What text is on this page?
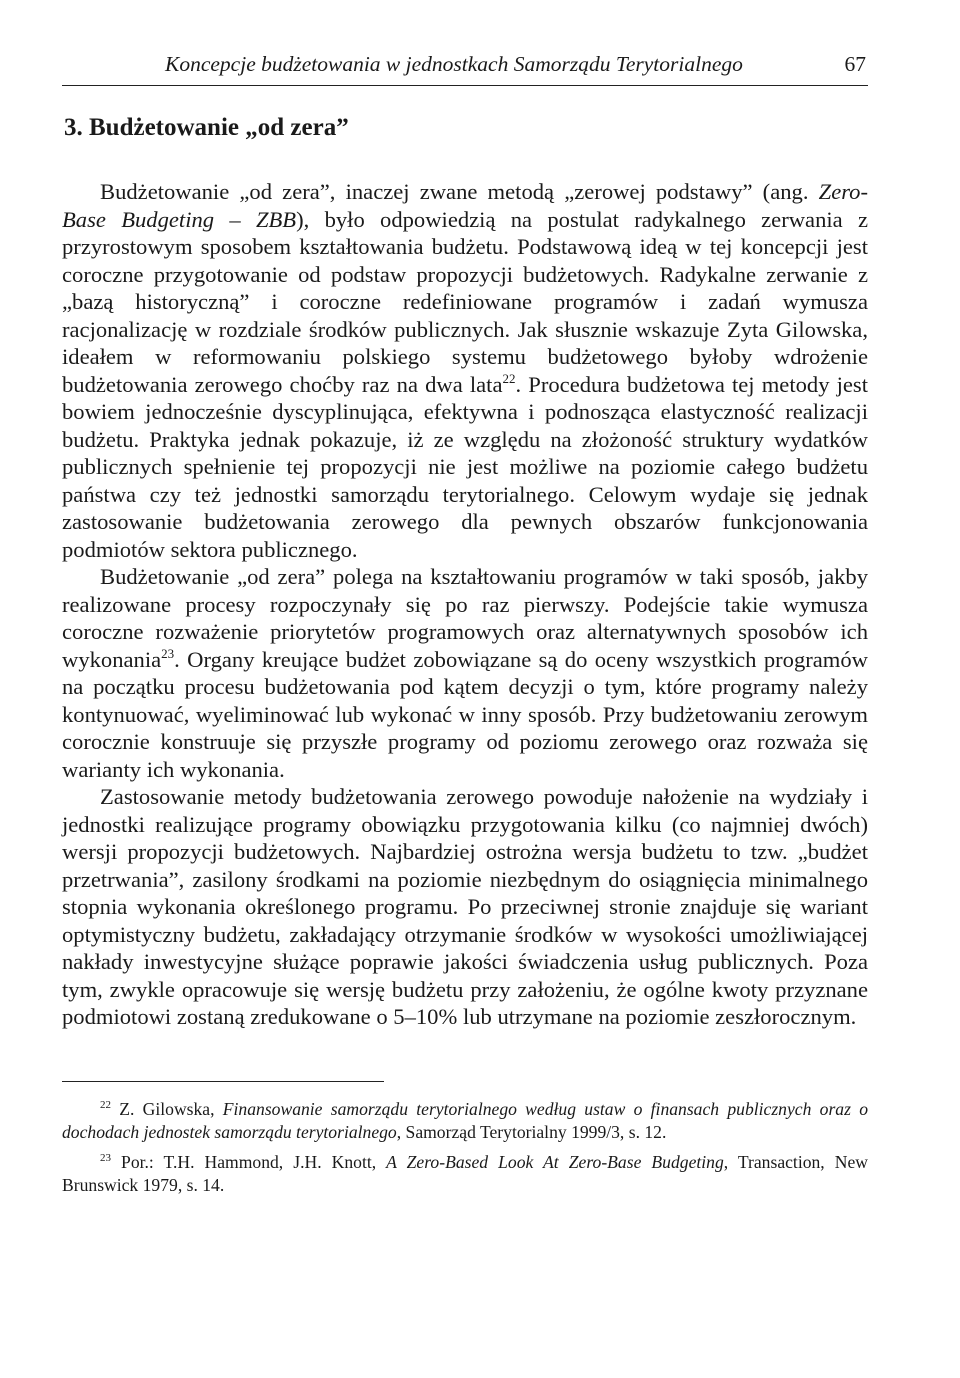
Koncepcje budżetowania w jednostkach Samorządu Terytorialnego	67
3. Budżetowanie „od zera”

Budżetowanie „od zera”, inaczej zwane metodą „zerowej podstawy” (ang. Zero-Base Budgeting – ZBB), było odpowiedzią na postulat radykalnego zerwania z przyrostowym sposobem kształtowania budżetu. Podstawową ideą w tej koncepcji jest coroczne przygotowanie od podstaw propozycji budżetowych. Radykalne zerwanie z „bazą historyczną” i coroczne redefiniowane programów i zadań wymusza racjonalizację w rozdziale środków publicznych. Jak słusznie wskazuje Zyta Gilowska, ideałem w reformowaniu polskiego systemu budżetowego byłoby wdrożenie budżetowania zerowego choćby raz na dwa lata$^{22}$. Procedura budżetowa tej metody jest bowiem jednocześnie dyscyplinująca, efektywna i podnosząca elastyczność realizacji budżetu. Praktyka jednak pokazuje, iż ze względu na złożoność struktury wydatków publicznych spełnienie tej propozycji nie jest możliwe na poziomie całego budżetu państwa czy też jednostki samorządu terytorialnego. Celowym wydaje się jednak zastosowanie budżetowania zerowego dla pewnych obszarów funkcjonowania podmiotów sektora publicznego.

Budżetowanie „od zera” polega na kształtowaniu programów w taki sposób, jakby realizowane procesy rozpoczynały się po raz pierwszy. Podejście takie wymusza coroczne rozważenie priorytetów programowych oraz alternatywnych sposobów ich wykonania$^{23}$. Organy kreujące budżet zobowiązane są do oceny wszystkich programów na początku procesu budżetowania pod kątem decyzji o tym, które programy należy kontynuować, wyeliminować lub wykonać w inny sposób. Przy budżetowaniu zerowym corocznie konstruuje się przyszłe programy od poziomu zerowego oraz rozważa się warianty ich wykonania.

Zastosowanie metody budżetowania zerowego powoduje nałożenie na wydziały i jednostki realizujące programy obowiązku przygotowania kilku (co najmniej dwóch) wersji propozycji budżetowych. Najbardziej ostrożna wersja budżetu to tzw. „budżet przetrwania”, zasilony środkami na poziomie niezbędnym do osiągnięcia minimalnego stopnia wykonania określonego programu. Po przeciwnej stronie znajduje się wariant optymistyczny budżetu, zakładający otrzymanie środków w wysokości umożliwiającej nakłady inwestycyjne służące poprawie jakości świadczenia usług publicznych. Poza tym, zwykle opracowuje się wersję budżetu przy założeniu, że ogólne kwoty przyznane podmiotowi zostaną zredukowane o 5–10% lub utrzymane na poziomie zeszłorocznym.

$^{22}$ Z. Gilowska, Finansowanie samorządu terytorialnego według ustaw o finansach publicznych oraz o dochodach jednostek samorządu terytorialnego, Samorząd Terytorialny 1999/3, s. 12.

$^{23}$ Por.: T.H. Hammond, J.H. Knott, A Zero-Based Look At Zero-Base Budgeting, Transaction, New Brunswick 1979, s. 14.
